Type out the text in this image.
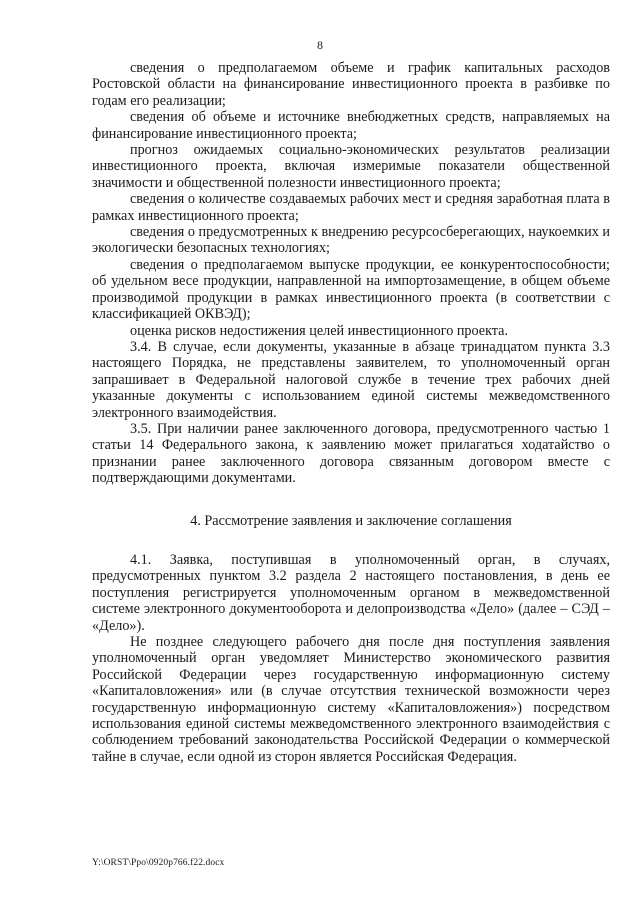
8

сведения о предполагаемом объеме и график капитальных расходов Ростовской области на финансирование инвестиционного проекта в разбивке по годам его реализации;

сведения об объеме и источнике внебюджетных средств, направляемых на финансирование инвестиционного проекта;

прогноз ожидаемых социально-экономических результатов реализации инвестиционного проекта, включая измеримые показатели общественной значимости и общественной полезности инвестиционного проекта;

сведения о количестве создаваемых рабочих мест и средняя заработная плата в рамках инвестиционного проекта;

сведения о предусмотренных к внедрению ресурсосберегающих, наукоемких и экологически безопасных технологиях;

сведения о предполагаемом выпуске продукции, ее конкурентоспособности; об удельном весе продукции, направленной на импортозамещение, в общем объеме производимой продукции в рамках инвестиционного проекта (в соответствии с классификацией ОКВЭД);

оценка рисков недостижения целей инвестиционного проекта.

3.4. В случае, если документы, указанные в абзаце тринадцатом пункта 3.3 настоящего Порядка, не представлены заявителем, то уполномоченный орган запрашивает в Федеральной налоговой службе в течение трех рабочих дней указанные документы с использованием единой системы межведомственного электронного взаимодействия.

3.5. При наличии ранее заключенного договора, предусмотренного частью 1 статьи 14 Федерального закона, к заявлению может прилагаться ходатайство о признании ранее заключенного договора связанным договором вместе с подтверждающими документами.

4. Рассмотрение заявления и заключение соглашения

4.1. Заявка, поступившая в уполномоченный орган, в случаях, предусмотренных пунктом 3.2 раздела 2 настоящего постановления, в день ее поступления регистрируется уполномоченным органом в межведомственной системе электронного документооборота и делопроизводства «Дело» (далее – СЭД – «Дело»).

Не позднее следующего рабочего дня после дня поступления заявления уполномоченный орган уведомляет Министерство экономического развития Российской Федерации через государственную информационную систему «Капиталовложения» или (в случае отсутствия технической возможности через государственную информационную систему «Капиталовложения») посредством использования единой системы межведомственного электронного взаимодействия с соблюдением требований законодательства Российской Федерации о коммерческой тайне в случае, если одной из сторон является Российская Федерация.

Y:\ORST\Ppo\0920p766.f22.docx
